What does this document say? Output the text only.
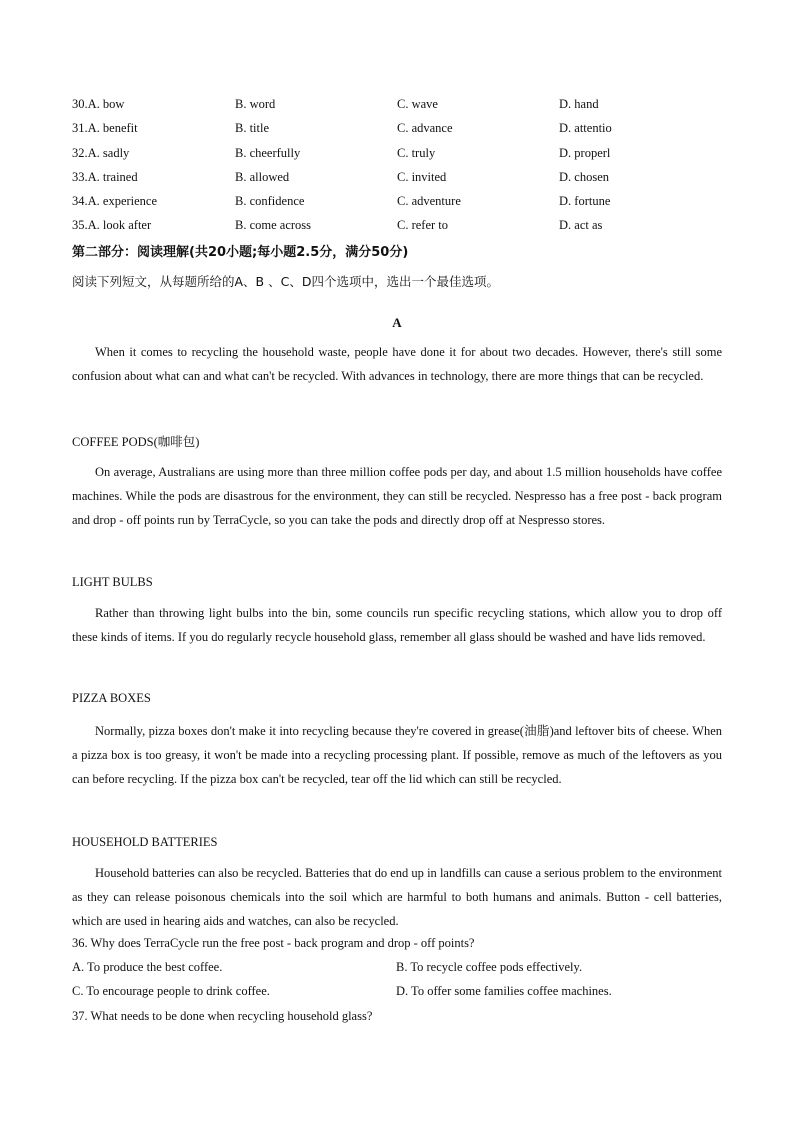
30.A. bow	B. word	C. wave	D. hand
31.A. benefit	B. title	C. advance	D. attentio
32.A. sadly	B. cheerfully	C. truly	D. properl
33.A. trained	B. allowed	C. invited	D. chosen
34.A. experience	B. confidence	C. adventure	D. fortune
35.A. look after	B. come across	C. refer to	D. act as
第二部分：阅读理解(共20小题;每小题2.5分，满分50分)
阅读下列短文，从每题所给的A、B 、C、D四个选项中，选出一个最佳选项。
A
When it comes to recycling the household waste, people have done it for about two decades. However, there's still some confusion about what can and what can't be recycled. With advances in technology, there are more things that can be recycled.
COFFEE PODS(咖啡包)
On average, Australians are using more than three million coffee pods per day, and about 1.5 million households have coffee machines. While the pods are disastrous for the environment, they can still be recycled. Nespresso has a free post - back program and drop - off points run by TerraCycle, so you can take the pods and directly drop off at Nespresso stores.
LIGHT BULBS
Rather than throwing light bulbs into the bin, some councils run specific recycling stations, which allow you to drop off these kinds of items. If you do regularly recycle household glass, remember all glass should be washed and have lids removed.
PIZZA BOXES
Normally, pizza boxes don't make it into recycling because they're covered in grease(油脂)and leftover bits of cheese. When a pizza box is too greasy, it won't be made into a recycling processing plant. If possible, remove as much of the leftovers as you can before recycling. If the pizza box can't be recycled, tear off the lid which can still be recycled.
HOUSEHOLD BATTERIES
Household batteries can also be recycled. Batteries that do end up in landfills can cause a serious problem to the environment as they can release poisonous chemicals into the soil which are harmful to both humans and animals. Button - cell batteries, which are used in hearing aids and watches, can also be recycled.
36. Why does TerraCycle run the free post - back program and drop - off points?
A. To produce the best coffee.	B. To recycle coffee pods effectively.
C. To encourage people to drink coffee.	D. To offer some families coffee machines.
37. What needs to be done when recycling household glass?
